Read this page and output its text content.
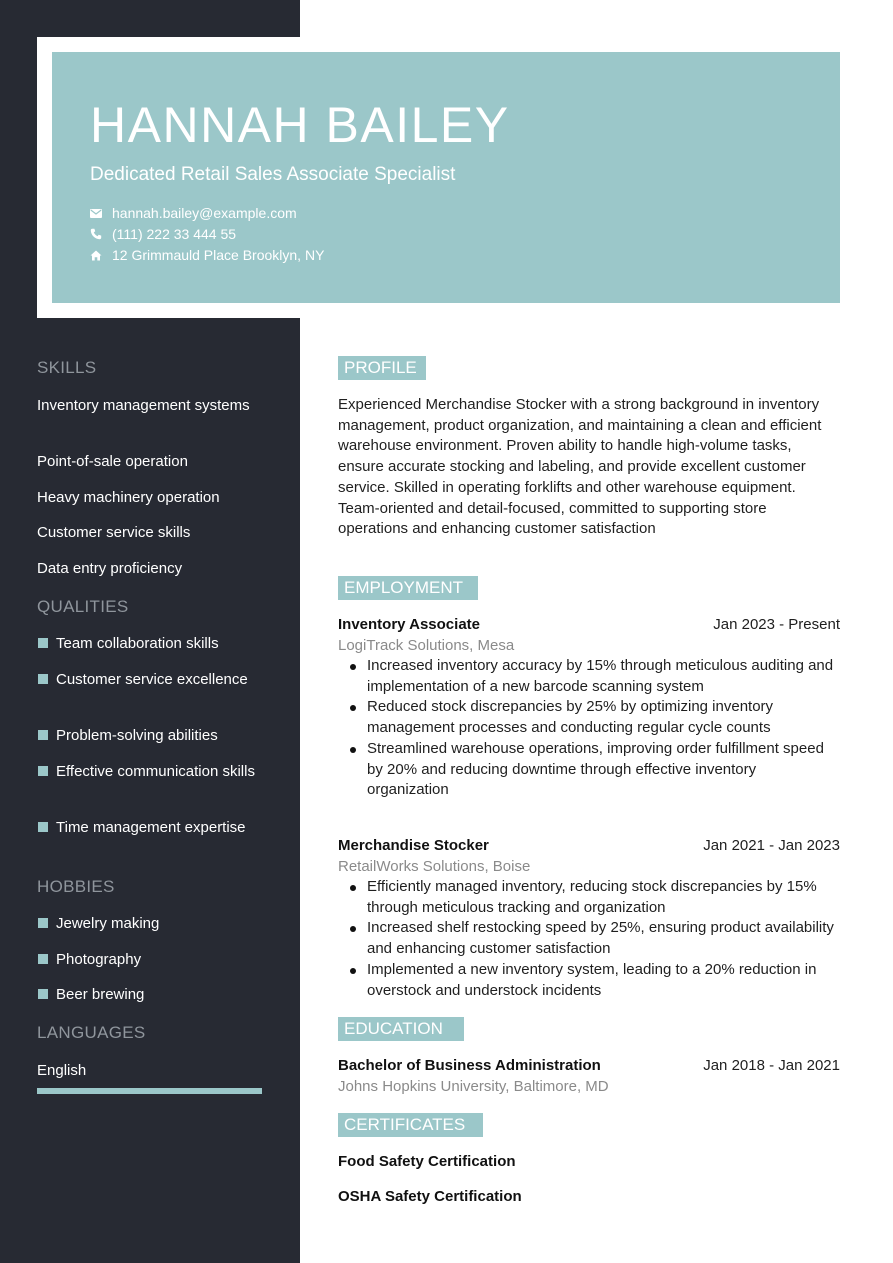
HANNAH BAILEY
Dedicated Retail Sales Associate Specialist
hannah.bailey@example.com
(111) 222 33 444 55
12 Grimmauld Place Brooklyn, NY
SKILLS
Inventory management systems
Point-of-sale operation
Heavy machinery operation
Customer service skills
Data entry proficiency
QUALITIES
Team collaboration skills
Customer service excellence
Problem-solving abilities
Effective communication skills
Time management expertise
HOBBIES
Jewelry making
Photography
Beer brewing
LANGUAGES
English
PROFILE
Experienced Merchandise Stocker with a strong background in inventory management, product organization, and maintaining a clean and efficient warehouse environment. Proven ability to handle high-volume tasks, ensure accurate stocking and labeling, and provide excellent customer service. Skilled in operating forklifts and other warehouse equipment. Team-oriented and detail-focused, committed to supporting store operations and enhancing customer satisfaction
EMPLOYMENT
Inventory Associate	Jan 2023 - Present
LogiTrack Solutions, Mesa
Increased inventory accuracy by 15% through meticulous auditing and implementation of a new barcode scanning system
Reduced stock discrepancies by 25% by optimizing inventory management processes and conducting regular cycle counts
Streamlined warehouse operations, improving order fulfillment speed by 20% and reducing downtime through effective inventory organization
Merchandise Stocker	Jan 2021 - Jan 2023
RetailWorks Solutions, Boise
Efficiently managed inventory, reducing stock discrepancies by 15% through meticulous tracking and organization
Increased shelf restocking speed by 25%, ensuring product availability and enhancing customer satisfaction
Implemented a new inventory system, leading to a 20% reduction in overstock and understock incidents
EDUCATION
Bachelor of Business Administration	Jan 2018 - Jan 2021
Johns Hopkins University, Baltimore, MD
CERTIFICATES
Food Safety Certification
OSHA Safety Certification
